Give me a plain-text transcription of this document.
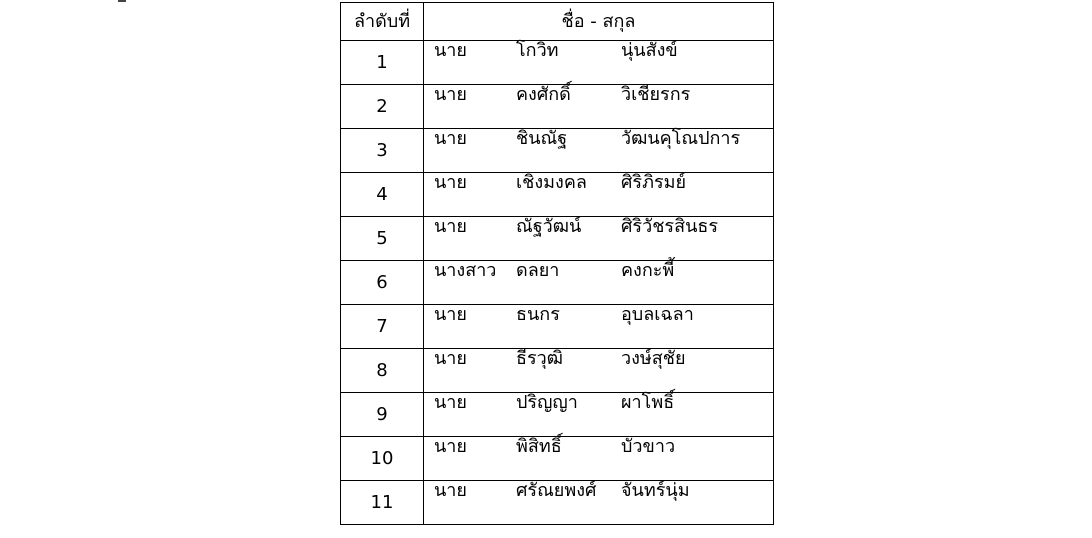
ลำดับที่	ชื่อ - สกุล
1	นาย โกวิท นุ่นสังข์

2	นาย คงศักดิ์ วิเชียรกร

3	นาย ชินณัฐ วัฒนคุโณปการ

4	นาย เชิงมงคล ศิริภิรมย์

5	นาย ณัฐวัฒน์ ศิริวัชรสินธร

6	นางสาว ดลยา คงกะพี้

7	นาย ธนกร อุบลเฉลา

8	นาย ธีรวุฒิ วงษ์สุชัย

9	นาย ปริญญา ผาโพธิ์

10	นาย พิสิทธิ์ บัวขาว

11	นาย ศรัณยพงศ์ จันทร์นุ่ม
